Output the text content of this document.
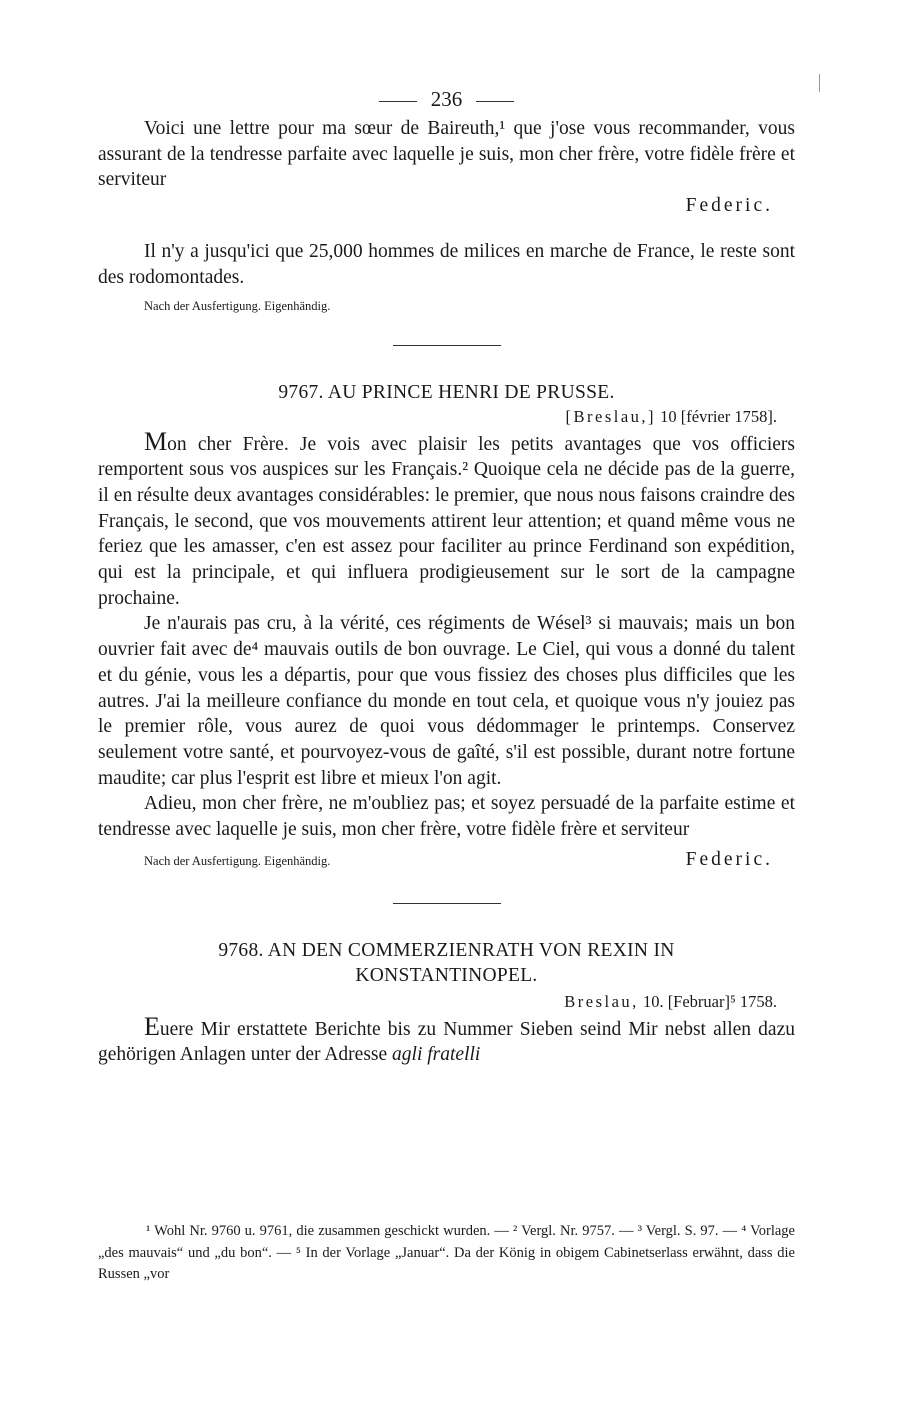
236

Voici une lettre pour ma sœur de Baireuth,¹ que j'ose vous recommander, vous assurant de la tendresse parfaite avec laquelle je suis, mon cher frère, votre fidèle frère et serviteur

Federic.

Il n'y a jusqu'ici que 25,000 hommes de milices en marche de France, le reste sont des rodomontades.

Nach der Ausfertigung. Eigenhändig.
9767. AU PRINCE HENRI DE PRUSSE.
[Breslau,] 10 [février 1758].

Mon cher Frère. Je vois avec plaisir les petits avantages que vos officiers remportent sous vos auspices sur les Français.² Quoique cela ne décide pas de la guerre, il en résulte deux avantages considérables: le premier, que nous nous faisons craindre des Français, le second, que vos mouvements attirent leur attention; et quand même vous ne feriez que les amasser, c'en est assez pour faciliter au prince Ferdinand son expédition, qui est la principale, et qui influera prodigieusement sur le sort de la campagne prochaine.

Je n'aurais pas cru, à la vérité, ces régiments de Wésel³ si mauvais; mais un bon ouvrier fait avec de⁴ mauvais outils de bon ouvrage. Le Ciel, qui vous a donné du talent et du génie, vous les a départis, pour que vous fissiez des choses plus difficiles que les autres. J'ai la meilleure confiance du monde en tout cela, et quoique vous n'y jouiez pas le premier rôle, vous aurez de quoi vous dédommager le printemps. Conservez seulement votre santé, et pourvoyez-vous de gaîté, s'il est possible, durant notre fortune maudite; car plus l'esprit est libre et mieux l'on agit.

Adieu, mon cher frère, ne m'oubliez pas; et soyez persuadé de la parfaite estime et tendresse avec laquelle je suis, mon cher frère, votre fidèle frère et serviteur

Nach der Ausfertigung. Eigenhändig.	Federic.
9768. AN DEN COMMERZIENRATH VON REXIN IN
KONSTANTINOPEL.
Breslau, 10. [Februar]⁵ 1758.

Euere Mir erstattete Berichte bis zu Nummer Sieben seind Mir nebst allen dazu gehörigen Anlagen unter der Adresse agli fratelli

¹ Wohl Nr. 9760 u. 9761, die zusammen geschickt wurden. — ² Vergl. Nr. 9757. — ³ Vergl. S. 97. — ⁴ Vorlage „des mauvais“ und „du bon“. — ⁵ In der Vorlage „Januar“. Da der König in obigem Cabinetserlass erwähnt, dass die Russen „vor
